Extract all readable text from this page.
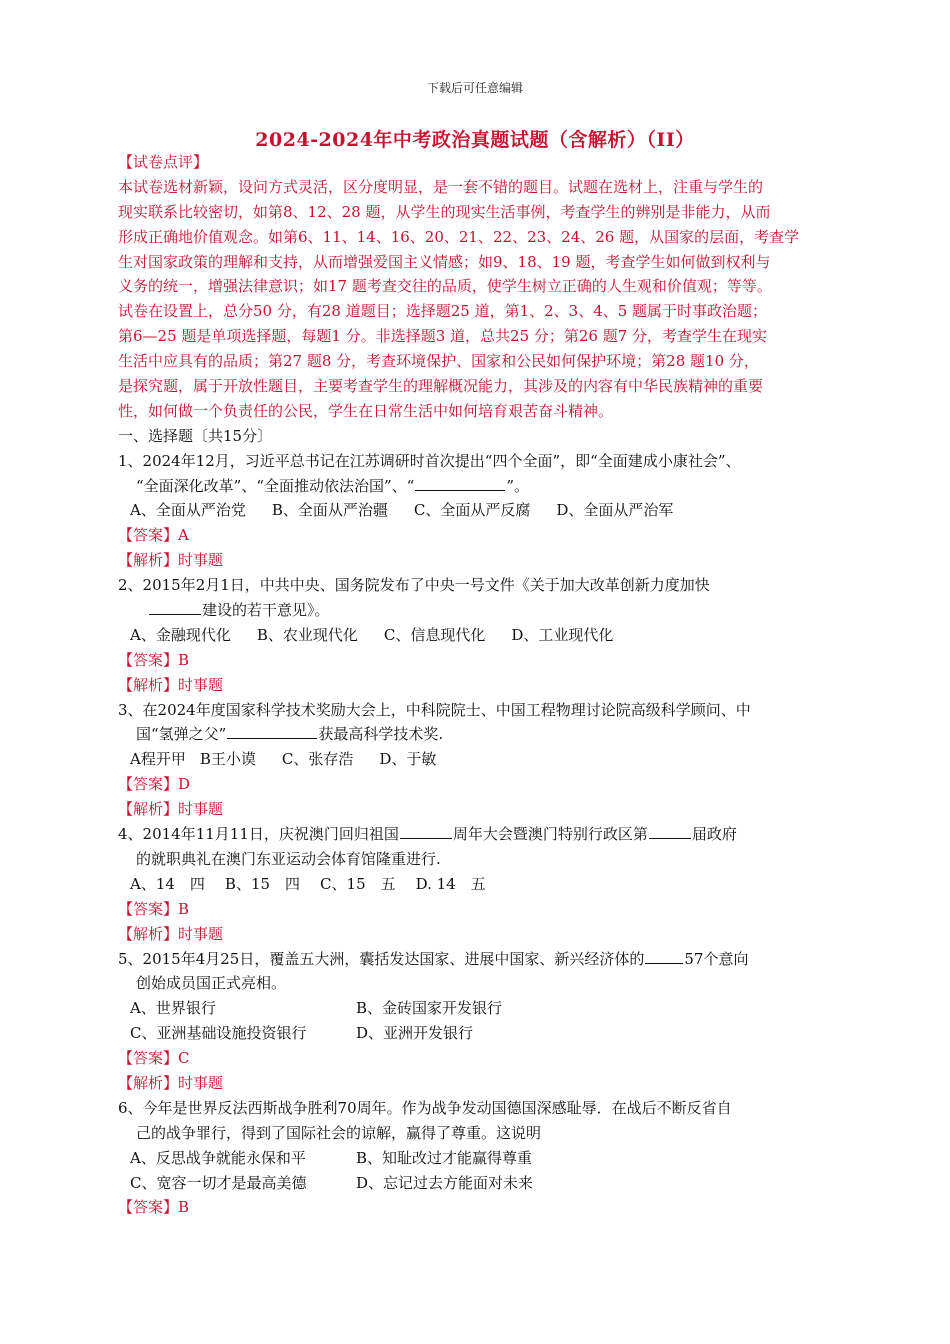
下载后可任意编辑
2024-2024年中考政治真题试题（含解析）（II）
【试卷点评】
本试卷选材新颖，设问方式灵活，区分度明显，是一套不错的题目。试题在选材上，注重与学生的
现实联系比较密切，如第8、12、28 题，从学生的现实生活事例，考查学生的辨别是非能力，从而
形成正确地价值观念。如第6、11、14、16、20、21、22、23、24、26 题，从国家的层面，考查学
生对国家政策的理解和支持，从而增强爱国主义情感；如9、18、19 题，考查学生如何做到权利与
义务的统一，增强法律意识；如17 题考查交往的品质，使学生树立正确的人生观和价值观；等等。
试卷在设置上，总分50 分，有28 道题目；选择题25 道，第1、2、3、4、5 题属于时事政治题；
第6—25 题是单项选择题，每题1 分。非选择题3 道，总共25 分；第26 题7 分，考查学生在现实
生活中应具有的品质；第27 题8 分，考查环境保护、国家和公民如何保护环境；第28 题10 分，
是探究题，属于开放性题目，主要考查学生的理解概况能力，其涉及的内容有中华民族精神的重要
性，如何做一个负责任的公民，学生在日常生活中如何培育艰苦奋斗精神。
一、选择题〔共15分〕
1、2024年12月，习近平总书记在江苏调研时首次提出“四个全面”，即“全面建成小康社会”、
“全面深化改革”、“全面推动依法治国”、“	”。
A、全面从严治党 B、全面从严治疆 C、全面从严反腐 D、全面从严治军
【答案】A
【解析】时事题
2、2015年2月1日，中共中央、国务院发布了中央一号文件《关于加大改革创新力度加快
建设的若干意见》。
A、金融现代化 B、农业现代化 C、信息现代化 D、工业现代化
【答案】B
【解析】时事题
3、在2024年度国家科学技术奖励大会上，中科院院士、中国工程物理讨论院高级科学顾问、中
国“氢弹之父”	获最高科学技术奖.
A程开甲 B王小谟 C、张存浩 D、于敏
【答案】D
【解析】时事题
4、2014年11月11日，庆祝澳门回归祖国	周年大会暨澳门特别行政区第	届政府
的就职典礼在澳门东亚运动会体育馆隆重进行.
A、14　四 B、15　四 C、15　五 D. 14　五
【答案】B
【解析】时事题
5、2015年4月25日，覆盖五大洲，囊括发达国家、进展中国家、新兴经济体的	57个意向
创始成员国正式亮相。
A、世界银行	B、金砖国家开发银行
C、亚洲基础设施投资银行	D、亚洲开发银行
【答案】C
【解析】时事题
6、今年是世界反法西斯战争胜利70周年。作为战争发动国德国深感耻辱．在战后不断反省自
己的战争罪行，得到了国际社会的谅解，赢得了尊重。这说明
A、反思战争就能永保和平	B、知耻改过才能赢得尊重
C、宽容一切才是最高美德	D、忘记过去方能面对未来
【答案】B
